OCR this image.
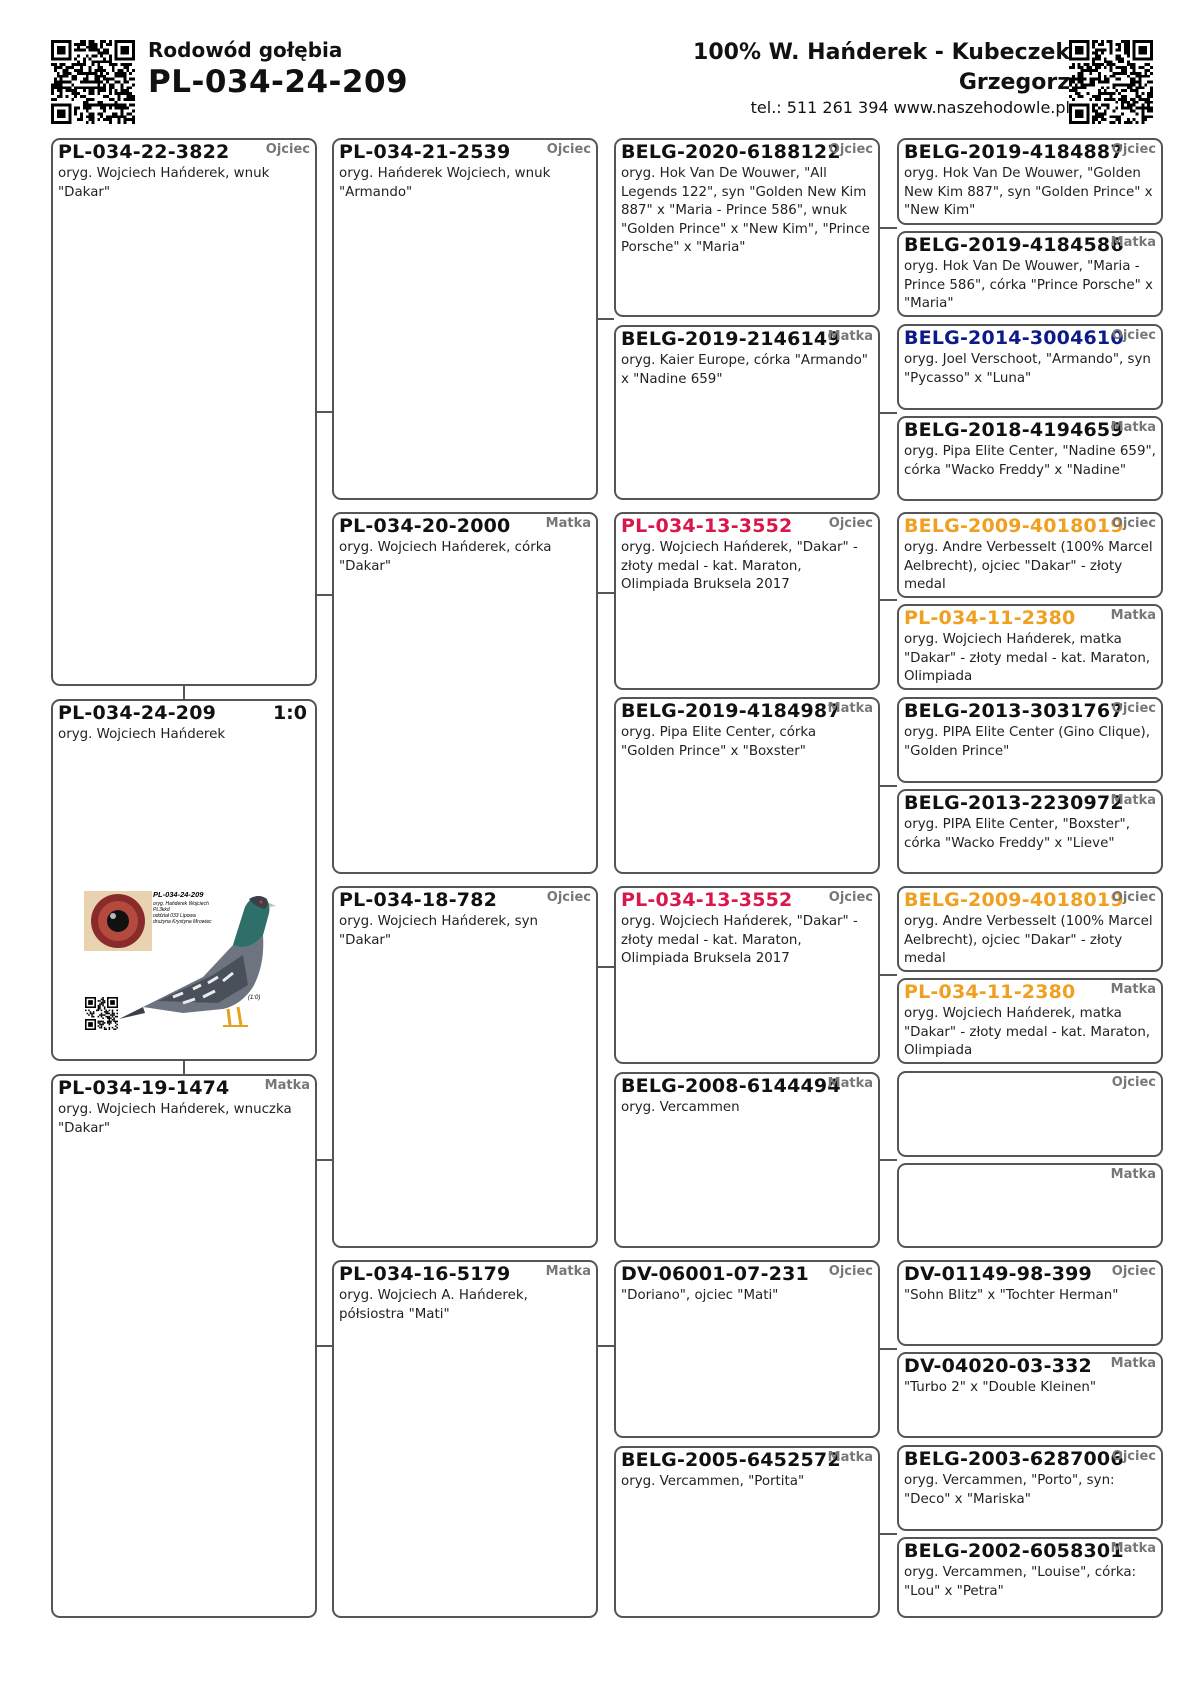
Rodowód gołębia
PL-034-24-209
100% W. Hańderek - Kubeczek
Grzegorz
tel.: 511 261 394 www.naszehodowle.pl
PL-034-22-3822	Ojciec
oryg. Wojciech Hańderek, wnuk "Dakar"
PL-034-24-209	1:0
oryg. Wojciech Hańderek
PL-034-24-209
oryg. Hańderek Wojciech
PL3kkd
oddział 033 Lipowa
drużyna Krystyna Mrowiec
(1:0)
PL-034-19-1474	Matka
oryg. Wojciech Hańderek, wnuczka "Dakar"
PL-034-21-2539	Ojciec
oryg. Hańderek Wojciech, wnuk "Armando"
PL-034-20-2000	Matka
oryg. Wojciech Hańderek, córka "Dakar"
PL-034-18-782	Ojciec
oryg. Wojciech Hańderek, syn "Dakar"
PL-034-16-5179	Matka
oryg. Wojciech A. Hańderek, półsiostra "Mati"
BELG-2020-6188122
Ojciec
oryg. Hok Van De Wouwer, "All Legends 122", syn "Golden New Kim 887" x "Maria - Prince 586", wnuk "Golden Prince" x "New Kim", "Prince Porsche" x "Maria"
BELG-2019-2146149
Matka
oryg. Kaier Europe, córka "Armando" x "Nadine 659"
PL-034-13-3552	Ojciec
oryg. Wojciech Hańderek, "Dakar" - złoty medal - kat. Maraton, Olimpiada Bruksela 2017
BELG-2019-4184987
Matka
oryg. Pipa Elite Center, córka "Golden Prince" x "Boxster"
PL-034-13-3552	Ojciec
oryg. Wojciech Hańderek, "Dakar" - złoty medal - kat. Maraton, Olimpiada Bruksela 2017
BELG-2008-6144494
Matka
oryg. Vercammen
DV-06001-07-231 Ojciec
"Doriano", ojciec "Mati"
BELG-2005-6452572
Matka
oryg. Vercammen, "Portita"
BELG-2019-4184887
Ojciec
oryg. Hok Van De Wouwer, "Golden New Kim 887", syn "Golden Prince" x "New Kim"
BELG-2019-4184586
Matka
oryg. Hok Van De Wouwer, "Maria - Prince 586", córka "Prince Porsche" x "Maria"
BELG-2014-3004610
Ojciec
oryg. Joel Verschoot, "Armando", syn "Pycasso" x "Luna"
BELG-2018-4194659
Matka
oryg. Pipa Elite Center, "Nadine 659", córka "Wacko Freddy" x "Nadine"
BELG-2009-4018019
Ojciec
oryg. Andre Verbesselt (100% Marcel Aelbrecht), ojciec "Dakar" - złoty medal
PL-034-11-2380	Matka
oryg. Wojciech Hańderek, matka "Dakar" - złoty medal - kat. Maraton, Olimpiada
BELG-2013-3031767
Ojciec
oryg. PIPA Elite Center (Gino Clique), "Golden Prince"
BELG-2013-2230972
Matka
oryg. PIPA Elite Center, "Boxster", córka "Wacko Freddy" x "Lieve"
BELG-2009-4018019
Ojciec
oryg. Andre Verbesselt (100% Marcel Aelbrecht), ojciec "Dakar" - złoty medal
PL-034-11-2380	Matka
oryg. Wojciech Hańderek, matka "Dakar" - złoty medal - kat. Maraton, Olimpiada
Ojciec
Matka
DV-01149-98-399 Ojciec
"Sohn Blitz" x "Tochter Herman"
DV-04020-03-332 Matka
"Turbo 2" x "Double Kleinen"
BELG-2003-6287006
Ojciec
oryg. Vercammen, "Porto", syn: "Deco" x "Mariska"
BELG-2002-6058301
Matka
oryg. Vercammen, "Louise", córka: "Lou" x "Petra"
